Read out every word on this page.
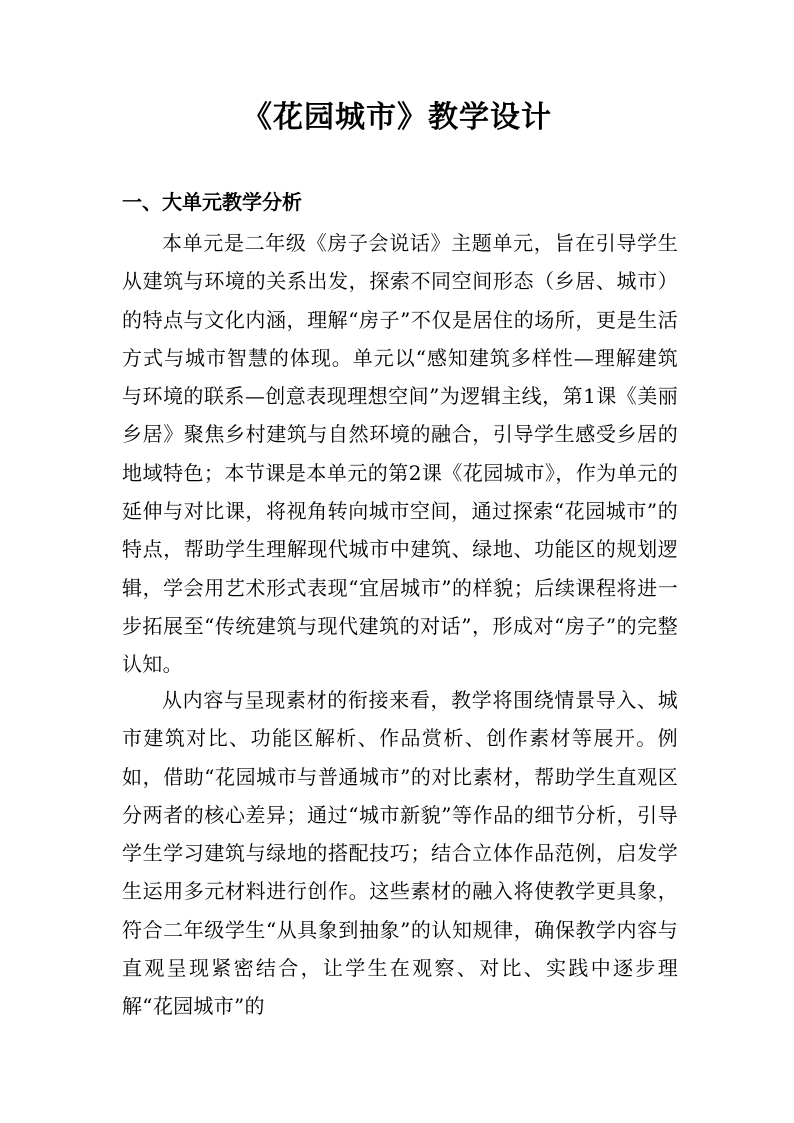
《花园城市》教学设计
一、大单元教学分析

本单元是二年级《房子会说话》主题单元，旨在引导学生从建筑与环境的关系出发，探索不同空间形态（乡居、城市）的特点与文化内涵，理解“房子”不仅是居住的场所，更是生活方式与城市智慧的体现。单元以“感知建筑多样性—理解建筑与环境的联系—创意表现理想空间”为逻辑主线，第1课《美丽乡居》聚焦乡村建筑与自然环境的融合，引导学生感受乡居的地域特色；本节课是本单元的第2课《花园城市》，作为单元的延伸与对比课，将视角转向城市空间，通过探索“花园城市”的特点，帮助学生理解现代城市中建筑、绿地、功能区的规划逻辑，学会用艺术形式表现“宜居城市”的样貌；后续课程将进一步拓展至“传统建筑与现代建筑的对话”，形成对“房子”的完整认知。

从内容与呈现素材的衔接来看，教学将围绕情景导入、城市建筑对比、功能区解析、作品赏析、创作素材等展开。例如，借助“花园城市与普通城市”的对比素材，帮助学生直观区分两者的核心差异；通过“城市新貌”等作品的细节分析，引导学生学习建筑与绿地的搭配技巧；结合立体作品范例，启发学生运用多元材料进行创作。这些素材的融入将使教学更具象，符合二年级学生“从具象到抽象”的认知规律，确保教学内容与直观呈现紧密结合，让学生在观察、对比、实践中逐步理解“花园城市”的
